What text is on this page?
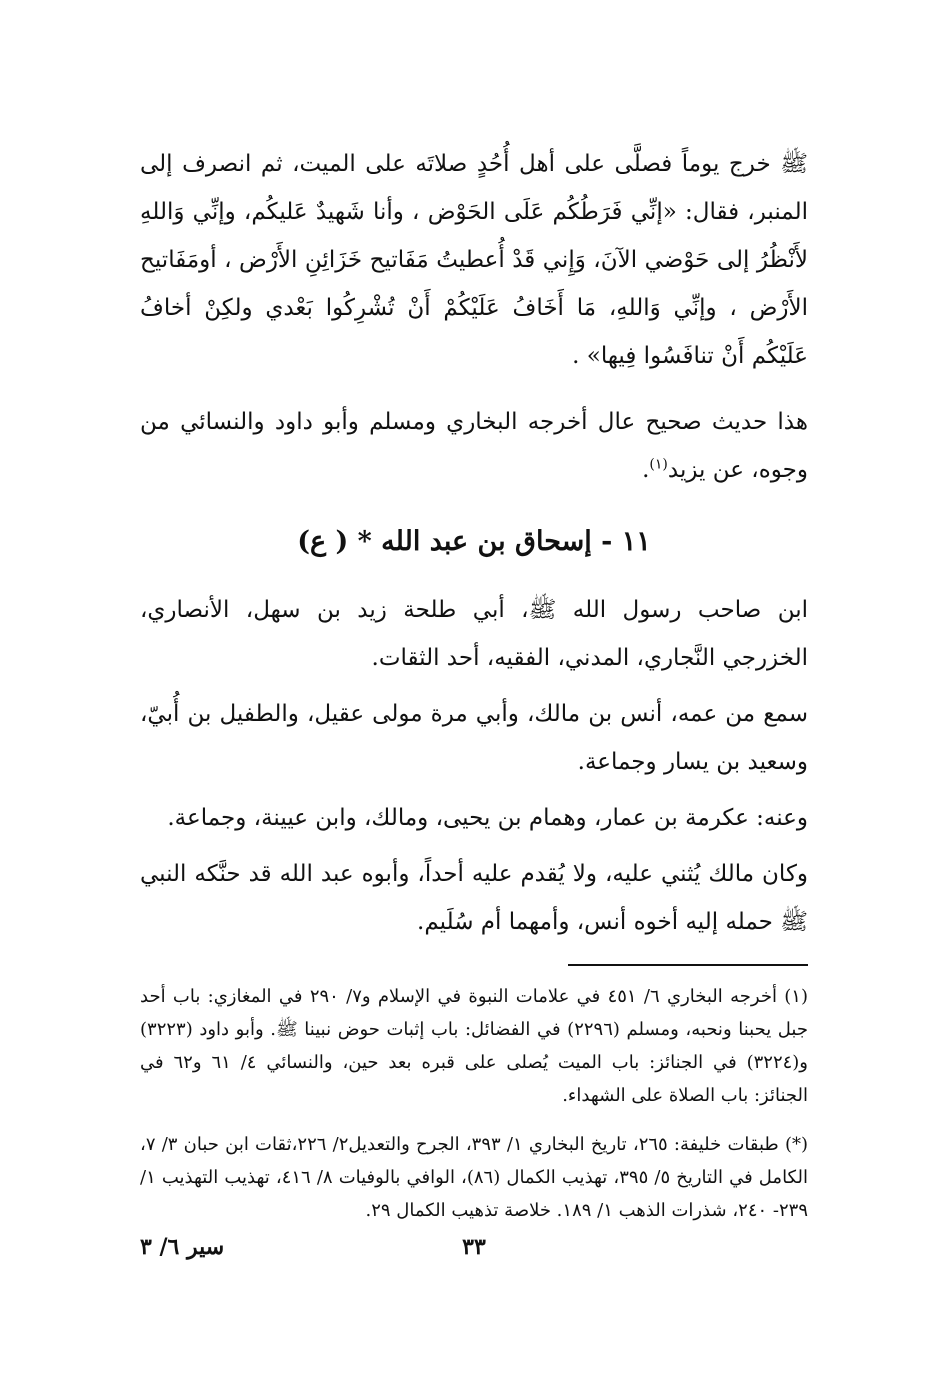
ﷺ خرج يوماً فصلَّى على أهل أُحُدٍ صلاتَه على الميت، ثم انصرف إلى المنبر، فقال: «إنِّي فَرَطُكُم عَلَى الحَوْض ، وأنا شَهيدٌ عَليكُم، وإنِّي وَاللهِ لأَنْظُرُ إلى حَوْضي الآنَ، وَإِني قَدْ أُعطيتُ مَفَاتيح خَزَائِنِ الأَرْض ، أومَفَاتيح الأَرْض ، وإنِّي وَاللهِ، مَا أَخَافُ عَلَيْكُمْ أَنْ تُشْرِكُوا بَعْدي ولكِنْ أخافُ عَلَيْكُم أَنْ تنافَسُوا فِيها» .

هذا حديث صحيح عال أخرجه البخاري ومسلم وأبو داود والنسائي من وجوه، عن يزيد$^{(١)}$.

١١ - إسحاق بن عبد الله * ( ع)

ابن صاحب رسول الله ﷺ، أبي طلحة زيد بن سهل، الأنصاري، الخزرجي النَّجاري، المدني، الفقيه، أحد الثقات.

سمع من عمه، أنس بن مالك، وأبي مرة مولى عقيل، والطفيل بن أُبيّ، وسعيد بن يسار وجماعة.

وعنه: عكرمة بن عمار، وهمام بن يحيى، ومالك، وابن عيينة، وجماعة.

وكان مالك يُثني عليه، ولا يُقدم عليه أحداً، وأبوه عبد الله قد حنَّكه النبي ﷺ حمله إليه أخوه أنس، وأمهما أم سُلَيم.

(١) أخرجه البخاري ٦/ ٤٥١ في علامات النبوة في الإسلام و٧/ ٢٩٠ في المغازي: باب أحد جبل يحبنا ونحبه، ومسلم (٢٢٩٦) في الفضائل: باب إثبات حوض نبينا ﷺ. وأبو داود (٣٢٢٣) و(٣٢٢٤) في الجنائز: باب الميت يُصلى على قبره بعد حين، والنسائي ٤/ ٦١ و٦٢ في الجنائز: باب الصلاة على الشهداء.

(*) طبقات خليفة: ٢٦٥، تاريخ البخاري ١/ ٣٩٣، الجرح والتعديل٢/ ٢٢٦،ثقات ابن حبان ٣/ ٧، الكامل في التاريخ ٥/ ٣٩٥، تهذيب الكمال (٨٦)، الوافي بالوفيات ٨/ ٤١٦، تهذيب التهذيب ١/ ٢٣٩- ٢٤٠، شذرات الذهب ١/ ١٨٩. خلاصة تذهيب الكمال ٢٩.

٣٣
سير ٦/ ٣
